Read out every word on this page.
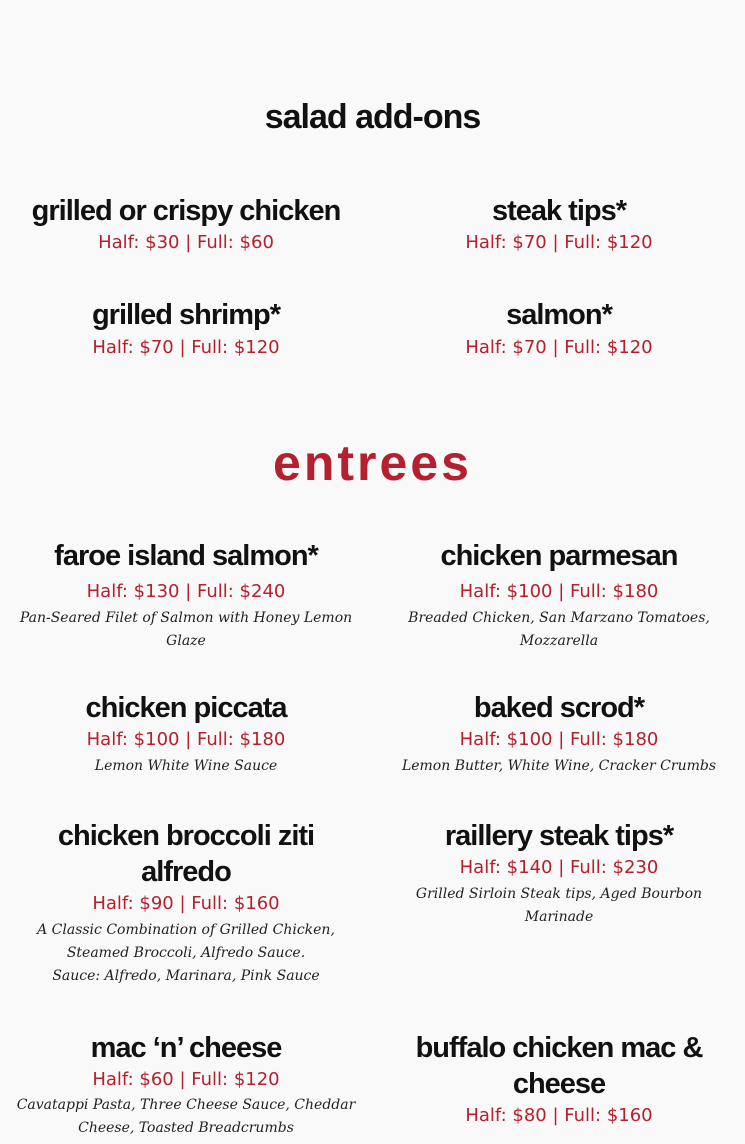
salad add-ons
grilled or crispy chicken
Half: $30 | Full: $60
steak tips*
Half: $70 | Full: $120
grilled shrimp*
Half: $70 | Full: $120
salmon*
Half: $70 | Full: $120
entrees
faroe island salmon*
Half: $130 | Full: $240
Pan-Seared Filet of Salmon with Honey Lemon Glaze
chicken parmesan
Half: $100 | Full: $180
Breaded Chicken, San Marzano Tomatoes, Mozzarella
chicken piccata
Half: $100 | Full: $180
Lemon White Wine Sauce
baked scrod*
Half: $100 | Full: $180
Lemon Butter, White Wine, Cracker Crumbs
chicken broccoli ziti alfredo
Half: $90 | Full: $160
A Classic Combination of Grilled Chicken, Steamed Broccoli, Alfredo Sauce.
Sauce: Alfredo, Marinara, Pink Sauce
raillery steak tips*
Half: $140 | Full: $230
Grilled Sirloin Steak tips, Aged Bourbon Marinade
mac ‘n’ cheese
Half: $60 | Full: $120
Cavatappi Pasta, Three Cheese Sauce, Cheddar Cheese, Toasted Breadcrumbs
buffalo chicken mac & cheese
Half: $80 | Full: $160
